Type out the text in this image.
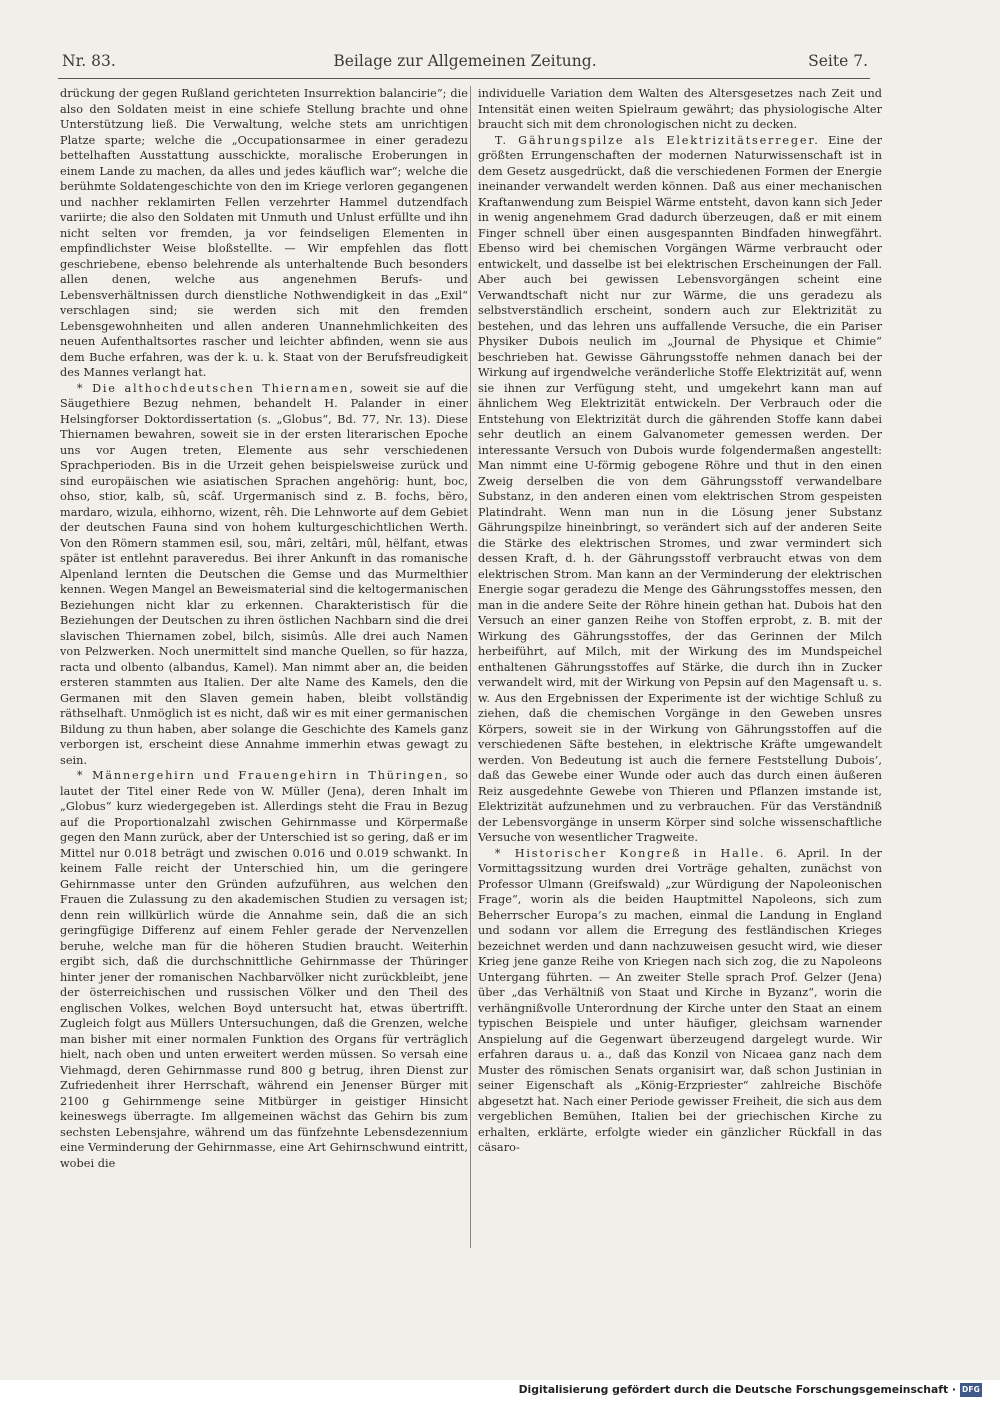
Beilage zur Allgemeinen Zeitung.
Nr. 83.	Seite 7.

drückung der gegen Rußland gerichteten Insurrektion balancirie“; die also den Soldaten meist in eine schiefe Stellung brachte und ohne Unterstützung ließ. Die Verwaltung, welche stets am unrichtigen Platze sparte; welche die „Occupationsarmee in einer geradezu bettelhaften Ausstattung ausschickte, moralische Eroberungen in einem Lande zu machen, da alles und jedes käuflich war“; welche die berühmte Soldatengeschichte von den im Kriege verloren gegangenen und nachher reklamirten Fellen verzehrter Hammel dutzendfach variirte; die also den Soldaten mit Unmuth und Unlust erfüllte und ihn nicht selten vor fremden, ja vor feindseligen Elementen in empfindlichster Weise bloßstellte. — Wir empfehlen das flott geschriebene, ebenso belehrende als unterhaltende Buch besonders allen denen, welche aus angenehmen Berufs- und Lebensverhältnissen durch dienstliche Nothwendigkeit in das „Exil“ verschlagen sind; sie werden sich mit den fremden Lebensgewohnheiten und allen anderen Unannehmlichkeiten des neuen Aufenthaltsortes rascher und leichter abfinden, wenn sie aus dem Buche erfahren, was der k. u. k. Staat von der Berufsfreudigkeit des Mannes verlangt hat.

* Die althochdeutschen Thiernamen, soweit sie auf die Säugethiere Bezug nehmen, behandelt H. Palander in einer Helsingforser Doktordissertation (s. „Globus“, Bd. 77, Nr. 13). Diese Thiernamen bewahren, soweit sie in der ersten literarischen Epoche uns vor Augen treten, Elemente aus sehr verschiedenen Sprachperioden. Bis in die Urzeit gehen beispielsweise zurück und sind europäischen wie asiatischen Sprachen angehörig: hunt, boc, ohso, stior, kalb, sû, scâf. Urgermanisch sind z. B. fochs, bëro, mardaro, wizula, eihhorno, wizent, rêh. Die Lehnworte auf dem Gebiet der deutschen Fauna sind von hohem kulturgeschichtlichen Werth. Von den Römern stammen esil, sou, mâri, zeltâri, mûl, hëlfant, etwas später ist entlehnt paraveredus. Bei ihrer Ankunft in das romanische Alpenland lernten die Deutschen die Gemse und das Murmelthier kennen. Wegen Mangel an Beweismaterial sind die keltogermanischen Beziehungen nicht klar zu erkennen. Charakteristisch für die Beziehungen der Deutschen zu ihren östlichen Nachbarn sind die drei slavischen Thiernamen zobel, bilch, sisimûs. Alle drei auch Namen von Pelzwerken. Noch unermittelt sind manche Quellen, so für hazza, racta und olbento (albandus, Kamel). Man nimmt aber an, die beiden ersteren stammten aus Italien. Der alte Name des Kamels, den die Germanen mit den Slaven gemein haben, bleibt vollständig räthselhaft. Unmöglich ist es nicht, daß wir es mit einer germanischen Bildung zu thun haben, aber solange die Geschichte des Kamels ganz verborgen ist, erscheint diese Annahme immerhin etwas gewagt zu sein.

* Männergehirn und Frauengehirn in Thüringen, so lautet der Titel einer Rede von W. Müller (Jena), deren Inhalt im „Globus“ kurz wiedergegeben ist. Allerdings steht die Frau in Bezug auf die Proportionalzahl zwischen Gehirnmasse und Körpermaße gegen den Mann zurück, aber der Unterschied ist so gering, daß er im Mittel nur 0.018 beträgt und zwischen 0.016 und 0.019 schwankt. In keinem Falle reicht der Unterschied hin, um die geringere Gehirnmasse unter den Gründen aufzuführen, aus welchen den Frauen die Zulassung zu den akademischen Studien zu versagen ist; denn rein willkürlich würde die Annahme sein, daß die an sich geringfügige Differenz auf einem Fehler gerade der Nervenzellen beruhe, welche man für die höheren Studien braucht. Weiterhin ergibt sich, daß die durchschnittliche Gehirnmasse der Thüringer hinter jener der romanischen Nachbarvölker nicht zurückbleibt, jene der österreichischen und russischen Völker und den Theil des englischen Volkes, welchen Boyd untersucht hat, etwas übertrifft. Zugleich folgt aus Müllers Untersuchungen, daß die Grenzen, welche man bisher mit einer normalen Funktion des Organs für verträglich hielt, nach oben und unten erweitert werden müssen. So versah eine Viehmagd, deren Gehirnmasse rund 800 g betrug, ihren Dienst zur Zufriedenheit ihrer Herrschaft, während ein Jenenser Bürger mit 2100 g Gehirnmenge seine Mitbürger in geistiger Hinsicht keineswegs überragte. Im allgemeinen wächst das Gehirn bis zum sechsten Lebensjahre, während um das fünfzehnte Lebensdezennium eine Verminderung der Gehirnmasse, eine Art Gehirnschwund eintritt, wobei die

individuelle Variation dem Walten des Altersgesetzes nach Zeit und Intensität einen weiten Spielraum gewährt; das physiologische Alter braucht sich mit dem chronologischen nicht zu decken.

T. Gährungspilze als Elektrizitätserreger. Eine der größten Errungenschaften der modernen Naturwissenschaft ist in dem Gesetz ausgedrückt, daß die verschiedenen Formen der Energie ineinander verwandelt werden können. Daß aus einer mechanischen Kraftanwendung zum Beispiel Wärme entsteht, davon kann sich Jeder in wenig angenehmem Grad dadurch überzeugen, daß er mit einem Finger schnell über einen ausgespannten Bindfaden hinwegfährt. Ebenso wird bei chemischen Vorgängen Wärme verbraucht oder entwickelt, und dasselbe ist bei elektrischen Erscheinungen der Fall. Aber auch bei gewissen Lebensvorgängen scheint eine Verwandtschaft nicht nur zur Wärme, die uns geradezu als selbstverständlich erscheint, sondern auch zur Elektrizität zu bestehen, und das lehren uns auffallende Versuche, die ein Pariser Physiker Dubois neulich im „Journal de Physique et Chimie“ beschrieben hat. Gewisse Gährungsstoffe nehmen danach bei der Wirkung auf irgendwelche veränderliche Stoffe Elektrizität auf, wenn sie ihnen zur Verfügung steht, und umgekehrt kann man auf ähnlichem Weg Elektrizität entwickeln. Der Verbrauch oder die Entstehung von Elektrizität durch die gährenden Stoffe kann dabei sehr deutlich an einem Galvanometer gemessen werden. Der interessante Versuch von Dubois wurde folgendermaßen angestellt: Man nimmt eine U-förmig gebogene Röhre und thut in den einen Zweig derselben die von dem Gährungsstoff verwandelbare Substanz, in den anderen einen vom elektrischen Strom gespeisten Platindraht. Wenn man nun in die Lösung jener Substanz Gährungspilze hineinbringt, so verändert sich auf der anderen Seite die Stärke des elektrischen Stromes, und zwar vermindert sich dessen Kraft, d. h. der Gährungsstoff verbraucht etwas von dem elektrischen Strom. Man kann an der Verminderung der elektrischen Energie sogar geradezu die Menge des Gährungsstoffes messen, den man in die andere Seite der Röhre hinein gethan hat. Dubois hat den Versuch an einer ganzen Reihe von Stoffen erprobt, z. B. mit der Wirkung des Gährungsstoffes, der das Gerinnen der Milch herbeiführt, auf Milch, mit der Wirkung des im Mundspeichel enthaltenen Gährungsstoffes auf Stärke, die durch ihn in Zucker verwandelt wird, mit der Wirkung von Pepsin auf den Magensaft u. s. w. Aus den Ergebnissen der Experimente ist der wichtige Schluß zu ziehen, daß die chemischen Vorgänge in den Geweben unsres Körpers, soweit sie in der Wirkung von Gährungsstoffen auf die verschiedenen Säfte bestehen, in elektrische Kräfte umgewandelt werden. Von Bedeutung ist auch die fernere Feststellung Dubois’, daß das Gewebe einer Wunde oder auch das durch einen äußeren Reiz ausgedehnte Gewebe von Thieren und Pflanzen imstande ist, Elektrizität aufzunehmen und zu verbrauchen. Für das Verständniß der Lebensvorgänge in unserm Körper sind solche wissenschaftliche Versuche von wesentlicher Tragweite.

* Historischer Kongreß in Halle. 6. April. In der Vormittagssitzung wurden drei Vorträge gehalten, zunächst von Professor Ulmann (Greifswald) „zur Würdigung der Napoleonischen Frage“, worin als die beiden Hauptmittel Napoleons, sich zum Beherrscher Europa’s zu machen, einmal die Landung in England und sodann vor allem die Erregung des festländischen Krieges bezeichnet werden und dann nachzuweisen gesucht wird, wie dieser Krieg jene ganze Reihe von Kriegen nach sich zog, die zu Napoleons Untergang führten. — An zweiter Stelle sprach Prof. Gelzer (Jena) über „das Verhältniß von Staat und Kirche in Byzanz“, worin die verhängnißvolle Unterordnung der Kirche unter den Staat an einem typischen Beispiele und unter häufiger, gleichsam warnender Anspielung auf die Gegenwart überzeugend dargelegt wurde. Wir erfahren daraus u. a., daß das Konzil von Nicaea ganz nach dem Muster des römischen Senats organisirt war, daß schon Justinian in seiner Eigenschaft als „König-Erzpriester“ zahlreiche Bischöfe abgesetzt hat. Nach einer Periode gewisser Freiheit, die sich aus dem vergeblichen Bemühen, Italien bei der griechischen Kirche zu erhalten, erklärte, erfolgte wieder ein gänzlicher Rückfall in das cäsaro-

Digitalisierung gefördert durch die Deutsche Forschungsgemeinschaft · DFG
